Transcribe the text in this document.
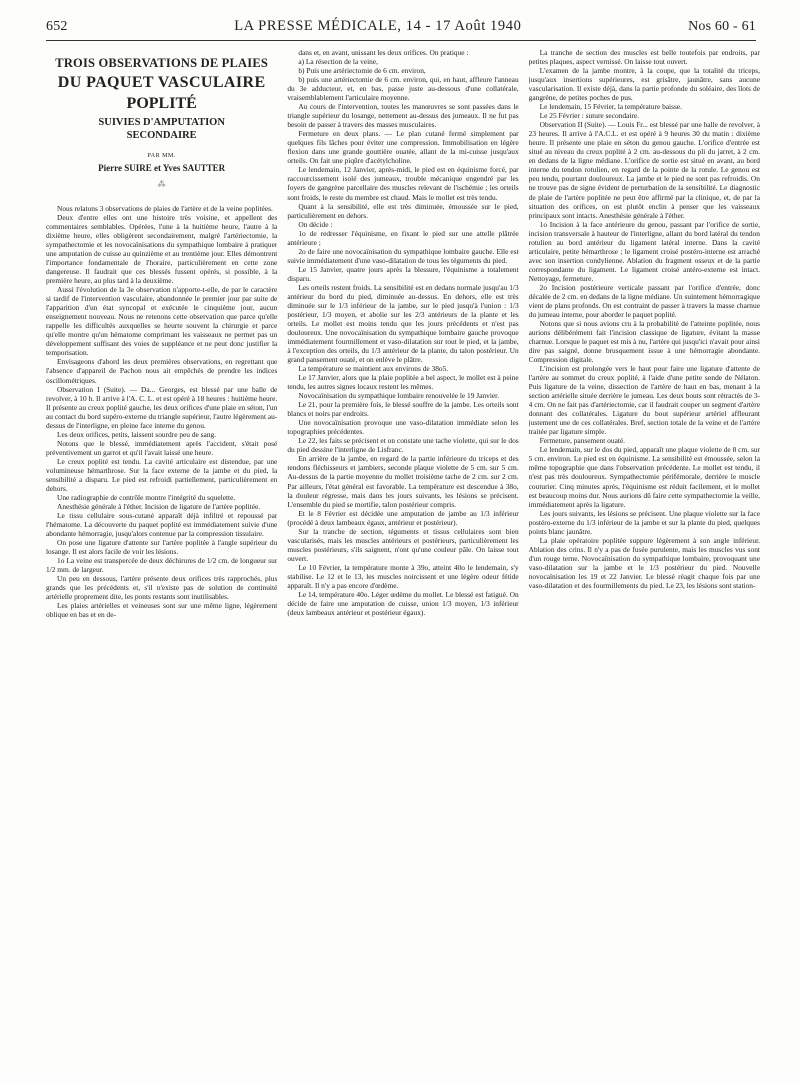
652	LA PRESSE MÉDICALE, 14 - 17 Août 1940	Nos 60 - 61
TROIS OBSERVATIONS DE PLAIES
DU PAQUET VASCULAIRE
POPLITÉ
SUIVIES D'AMPUTATION
SECONDAIRE
PAR MM.
Pierre SUIRE et Yves SAUTTER
⁂

Nous relatons 3 observations de plaies de l'artère et de la veine poplitées.

Deux d'entre elles ont une histoire très voisine, et appellent des commentaires semblables. Opérées, l'une à la huitième heure, l'autre à la dixième heure, elles obligèrent secondairement, malgré l'artériectomie, la sympathectomie et les novocaïnisations du sympathique lombaire à pratiquer une amputation de cuisse au quinzième et au trentième jour. Elles démontrent l'importance fondamentale de l'horaire, particulièrement en cette zone dangereuse. Il faudrait que ces blessés fussent opérés, si possible, à la première heure, au plus tard à la deuxième.

Aussi l'évolution de la 3e observation n'apporte-t-elle, de par le caractère si tardif de l'intervention vasculaire, abandonnée le premier jour par suite de l'apparition d'un état syncopal et exécutée le cinquième jour, aucun enseignement nouveau. Nous ne retenons cette observation que parce qu'elle rappelle les difficultés auxquelles se heurte souvent la chirurgie et parce qu'elle montre qu'un hématome comprimant les vaisseaux ne permet pas un développement suffisant des voies de suppléance et ne peut donc justifier la temporisation.

Envisageons d'abord les deux premières observations, en regrettant que l'absence d'appareil de Pachon nous ait empêchés de prendre les indices oscillométriques.

Observation I (Suite). — Da... Georges, est blessé par une balle de revolver, à 10 h. Il arrive à l'A. C. L. et est opéré à 18 heures : huitième heure. Il présente au creux poplité gauche, les deux orifices d'une plaie en séton, l'un au contact du bord supéro-externe du triangle supérieur, l'autre légèrement au-dessus de l'interligne, en pleine face interne du genou.

Les deux orifices, petits, laissent sourdre peu de sang.

Notons que le blessé, immédiatement après l'accident, s'était posé préventivement un garrot et qu'il l'avait laissé une heure.

Le creux poplité est tendu. La cavité articulaire est distendue, par une volumineuse hémarthrose. Sur la face externe de la jambe et du pied, la sensibilité a disparu. Le pied est refroidi partiellement, particulièrement en dehors.

Une radiographie de contrôle montre l'intégrité du squelette.

Anesthésie générale à l'éther. Incision de ligature de l'artère poplitée.

Le tissu cellulaire sous-cutané apparaît déjà infiltré et repoussé par l'hématome. La découverte du paquet poplité est immédiatement suivie d'une abondante hémorragie, jusqu'alors contenue par la compression tissulaire.

On pose une ligature d'attente sur l'artère poplitée à l'angle supérieur du losange. Il est alors facile de voir les lésions.

1o La veine est transpercée de deux déchirures de 1/2 cm. de longueur sur 1/2 mm. de largeur.

Un peu en dessous, l'artère présente deux orifices très rapprochés, plus grands que les précédents et, s'il n'existe pas de solution de continuité artérielle proprement dite, les ponts restants sont inutilisables.

Les plaies artérielles et veineuses sont sur une même ligne, légèrement oblique en bas et en de-

dans et, en avant, unissant les deux orifices. On pratique :

a) La résection de la veine,

b) Puis une artériectomie de 6 cm. environ,

b) puis une artériectomie de 6 cm. environ, qui, en haut, affleure l'anneau du 3e adducteur, et, en bas, passe juste au-dessous d'une collatérale, vraisemblablement l'articulaire moyenne.

Au cours de l'intervention, toutes les manœuvres se sont passées dans le triangle supérieur du losange, nettement au-dessus des jumeaux. Il ne fut pas besoin de passer à travers des masses musculaires.

Fermeture en deux plans. — Le plan cutané fermé simplement par quelques fils lâches pour éviter une compression. Immobilisation en légère flexion dans une grande gouttière ouatée, allant de la mi-cuisse jusqu'aux orteils. On fait une piqûre d'acétylcholine.

Le lendemain, 12 Janvier, après-midi, le pied est en équinisme forcé, par raccourcissement isolé des jumeaux, trouble mécanique engendré par les foyers de gangrène parcellaire des muscles relevant de l'ischémie ; les orteils sont froids, le reste du membre est chaud. Mais le mollet est très tendu.

Quant à la sensibilité, elle est très diminuée, émoussée sur le pied, particulièrement en dehors.

On décide :

1o de redresser l'équinisme, en fixant le pied sur une attelle plâtrée antérieure ;

2o de faire une novocaïnisation du sympathique lombaire gauche. Elle est suivie immédiatement d'une vaso-dilatation de tous les téguments du pied.

Le 15 Janvier, quatre jours après la blessure, l'équinisme a totalement disparu.

Les orteils restent froids. La sensibilité est en dedans normale jusqu'au 1/3 antérieur du bord du pied, diminuée au-dessus. En dehors, elle est très diminuée sur le 1/3 inférieur de la jambe, sur le pied jusqu'à l'union : 1/3 postérieur, 1/3 moyen, et abolie sur les 2/3 antérieurs de la plante et les orteils. Le mollet est moins tendu que les jours précédents et n'est pas douloureux. Une novocaïnisation du sympathique lombaire gauche provoque immédiatement fourmillement et vaso-dilatation sur tout le pied, et la jambe, à l'exception des orteils, du 1/3 antérieur de la plante, du talon postérieur. Un grand pansement ouaté, et on enlève le plâtre.

La température se maintient aux environs de 38o5.

Le 17 Janvier, alors que la plaie poplitée a bel aspect, le mollet est à peine tendu, les autres signes locaux restent les mêmes.

Novocaïnisation du sympathique lombaire renouvelée le 19 Janvier.

Le 21, pour la première fois, le blessé souffre de la jambe. Les orteils sont blancs et noirs par endroits.

Une novocaïnisation provoque une vaso-dilatation immédiate selon les topographies précédentes.

Le 22, les faits se précisent et on constate une tache violette, qui sur le dos du pied dessine l'interligne de Lisfranc.

En arrière de la jambe, en regard de la partie inférieure du triceps et des tendons fléchisseurs et jambiers, seconde plaque violette de 5 cm. sur 5 cm. Au-dessus de la partie moyenne du mollet troisième tache de 2 cm. sur 2 cm. Par ailleurs, l'état général est favorable. La température est descendue à 38o, la douleur régresse, mais dans les jours suivants, les lésions se précisent. L'ensemble du pied se mortifie, talon postérieur compris.

Et le 8 Février est décidée une amputation de jambe au 1/3 inférieur (procédé à deux lambeaux égaux, antérieur et postérieur).

Sur la tranche de section, téguments et tissus cellulaires sont bien vascularisés, mais les muscles antérieurs et postérieurs, particulièrement les muscles postérieurs, s'ils saignent, n'ont qu'une couleur pâle. On laisse tout ouvert.

Le 10 Février, la température monte à 39o, atteint 40o le lendemain, s'y stabilise. Le 12 et le 13, les muscles noircissent et une légère odeur fétide apparaît. Il n'y a pas encore d'œdème.

Le 14, température 40o. Léger œdème du mollet. Le blessé est fatigué. On décide de faire une amputation de cuisse, union 1/3 moyen, 1/3 inférieur (deux lambeaux antérieur et postérieur égaux).

La tranche de section des muscles est belle toutefois par endroits, par petites plaques, aspect vernissé. On laisse tout ouvert.

L'examen de la jambe montre, à la coupe, que la totalité du triceps, jusqu'aux insertions supérieures, est grisâtre, jaunâtre, sans aucune vascularisation. Il existe déjà, dans la partie profonde du soléaire, des îlots de gangrène, de petites poches de pus.

Le lendemain, 15 Février, la température baisse.

Le 25 Février : suture secondaire.

Observation II (Suite). — Louis Fr... est blessé par une balle de revolver, à 23 heures. Il arrive à l'A.C.L. et est opéré à 9 heures 30 du matin : dixième heure. Il présente une plaie en séton du genou gauche. L'orifice d'entrée est situé au niveau du creux poplité à 2 cm. au-dessous du pli du jarret, à 2 cm. en dedans de la ligne médiane. L'orifice de sortie est situé en avant, au bord interne du tendon rotulien, en regard de la pointe de la rotule. Le genou est peu tendu, pourtant douloureux. La jambe et le pied ne sont pas refroidis. On ne trouve pas de signe évident de perturbation de la sensibilité. Le diagnostic de plaie de l'artère poplitée ne peut être affirmé par la clinique, et, de par la situation des orifices, on est plutôt enclin à penser que les vaisseaux principaux sont intacts. Anesthésie générale à l'éther.

1o Incision à la face antérieure du genou, passant par l'orifice de sortie, incision transversale à hauteur de l'interligne, allant du bord latéral du tendon rotulien au bord antérieur du ligament latéral interne. Dans la cavité articulaire, petite hémarthrose ; le ligament croisé postéro-interne est arraché avec son insertion condylienne. Ablation du fragment osseux et de la partie correspondante du ligament. Le ligament croisé antéro-externe est intact. Nettoyage, fermeture.

2o Incision postérieure verticale passant par l'orifice d'entrée, donc décalée de 2 cm. en dedans de la ligne médiane. Un suintement hémorragique vient de plans profonds. On est contraint de passer à travers la masse charnue du jumeau interne, pour aborder le paquet poplité.

Notons que si nous avions cru à la probabilité de l'atteinte poplitée, nous aurions délibérément fait l'incision classique de ligature, évitant la masse charnue. Lorsque le paquet est mis à nu, l'artère qui jusqu'ici n'avait pour ainsi dire pas saigné, donne brusquement issue à une hémorragie abondante. Compression digitale.

L'incision est prolongée vers le haut pour faire une ligature d'attente de l'artère au sommet du creux poplité, à l'aide d'une petite sonde de Nélaton. Puis ligature de la veine, dissection de l'artère de haut en bas, menant à la section artérielle située derrière le jumeau. Les deux bouts sont rétractés de 3-4 cm. On ne fait pas d'artériectomie, car il faudrait couper un segment d'artère donnant des collatérales. Ligature du bout supérieur artériel affleurant justement une de ces collatérales. Bref, section totale de la veine et de l'artère traitée par ligature simple.

Fermeture, pansement ouaté.

Le lendemain, sur le dos du pied, apparaît une plaque violette de 8 cm. sur 5 cm. environ. Le pied est en équinisme. La sensibilité est émoussée, selon la même topographie que dans l'observation précédente. Le mollet est tendu, il n'est pas très douloureux. Sympathectomie périfémorale, derrière le muscle couturier. Cinq minutes après, l'équinisme est réduit facilement, et le mollet est beaucoup moins dur. Nous aurions dû faire cette sympathectomie la veille, immédiatement après la ligature.

Les jours suivants, les lésions se précisent. Une plaque violette sur la face postéro-externe du 1/3 inférieur de la jambe et sur la plante du pied, quelques points blanc jaunâtre.

La plaie opératoire poplitée suppure légèrement à son angle inférieur. Ablation des crins. Il n'y a pas de fusée purulente, mais les muscles vus sont d'un rouge terne. Novocaïnisation du sympathique lombaire, provoquant une vaso-dilatation sur la jambe et le 1/3 postérieur du pied. Nouvelle novocaïnisation les 19 et 22 Janvier. Le blessé réagit chaque fois par une vaso-dilatation et des fourmillements du pied. Le 23, les lésions sont station-
